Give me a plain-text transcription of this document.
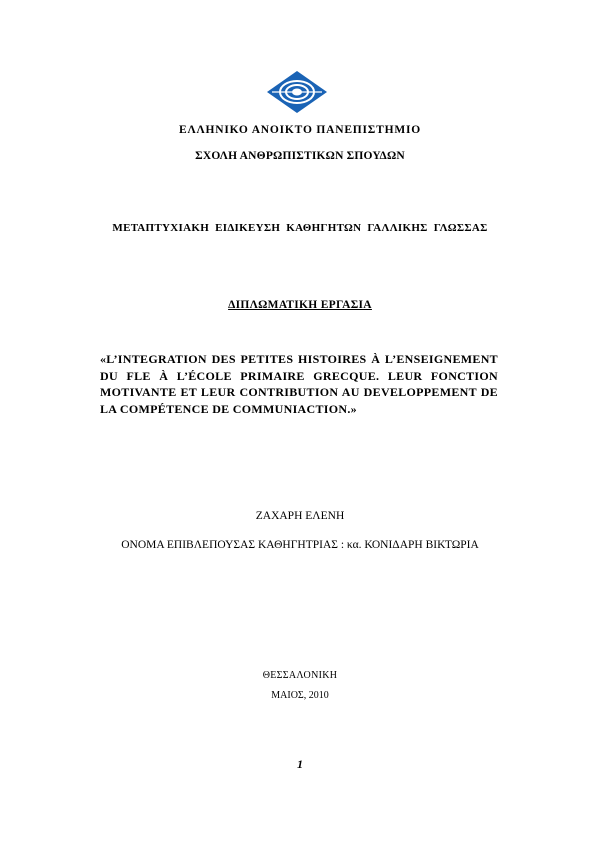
ΕΛΛΗΝΙΚΟ ΑΝΟΙΚΤΟ ΠΑΝΕΠΙΣΤΗΜΙΟ
ΣΧΟΛΗ ΑΝΘΡΩΠΙΣΤΙΚΩΝ ΣΠΟΥΔΩΝ
ΜΕΤΑΠΤΥΧΙΑΚΗ ΕΙΔΙΚΕΥΣΗ ΚΑΘΗΓΗΤΩΝ ΓΑΛΛΙΚΗΣ ΓΛΩΣΣΑΣ
ΔΙΠΛΩΜΑΤΙΚΗ ΕΡΓΑΣΙΑ
«L’INTEGRATION DES PETITES HISTOIRES À L’ENSEIGNEMENT
DU FLE À L’ÉCOLE PRIMAIRE GRECQUE. LEUR FONCTION
MOTIVANTE ET LEUR CONTRIBUTION AU DEVELOPPEMENT DE
LA COMPÉTENCE DE COMMUNIACTION.»
ΖΑΧΑΡΗ ΕΛΕΝΗ
ΟΝΟΜΑ ΕΠΙΒΛΕΠΟΥΣΑΣ ΚΑΘΗΓΗΤΡΙΑΣ : κα. ΚΟΝΙΔΑΡΗ ΒΙΚΤΩΡΙΑ
ΘΕΣΣΑΛΟΝΙΚΗ
ΜΑΙΟΣ, 2010
1
